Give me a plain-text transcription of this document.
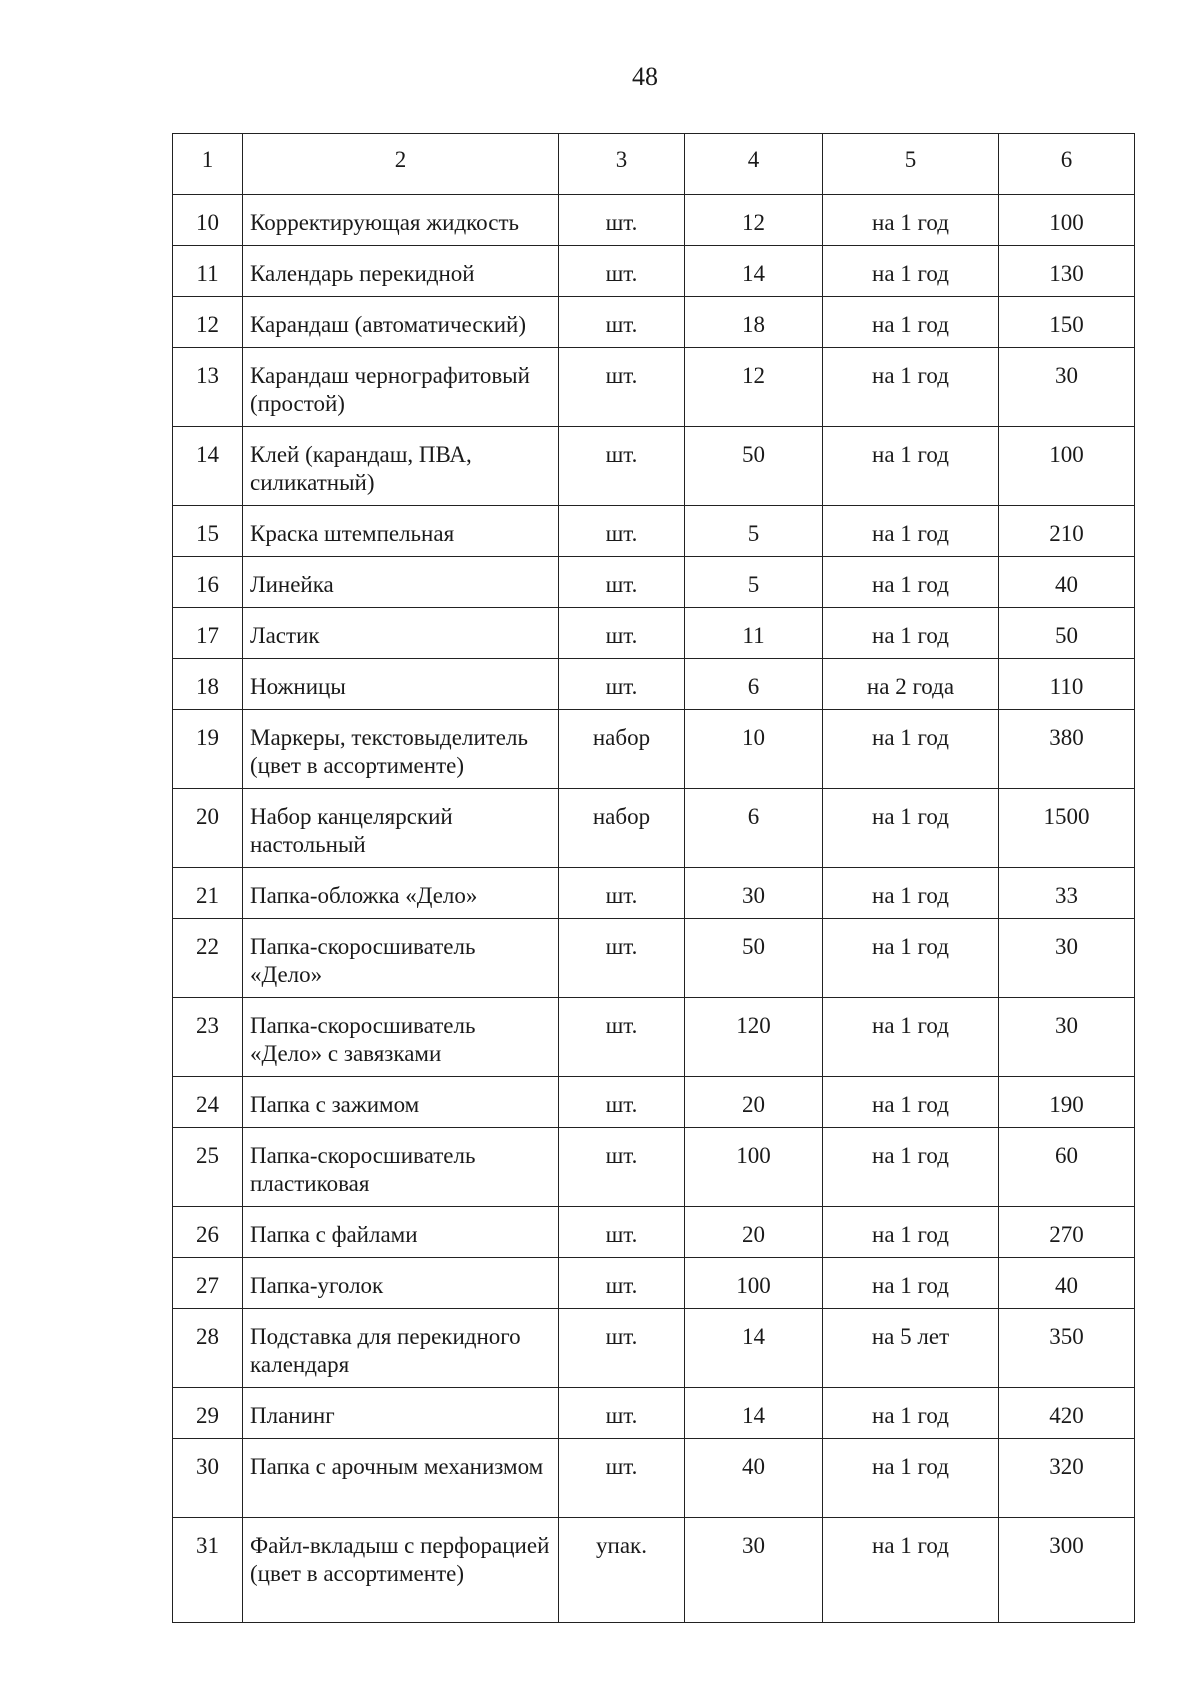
48
1	2	3	4	5	6
10	Корректирующая жидкость	шт.	12	на 1 год	100
11	Календарь перекидной	шт.	14	на 1 год	130
12	Карандаш (автоматический)	шт.	18	на 1 год	150
13	Карандаш чернографитовый (простой)	шт.	12	на 1 год	30
14	Клей (карандаш, ПВА, силикатный)	шт.	50	на 1 год	100
15	Краска штемпельная	шт.	5	на 1 год	210
16	Линейка	шт.	5	на 1 год	40
17	Ластик	шт.	11	на 1 год	50
18	Ножницы	шт.	6	на 2 года	110
19	Маркеры, текстовыделитель (цвет в ассортименте)	набор	10	на 1 год	380
20	Набор канцелярский настольный	набор	6	на 1 год	1500
21	Папка-обложка «Дело»	шт.	30	на 1 год	33
22	Папка-скоросшиватель «Дело»	шт.	50	на 1 год	30
23	Папка-скоросшиватель «Дело» с завязками	шт.	120	на 1 год	30
24	Папка с зажимом	шт.	20	на 1 год	190
25	Папка-скоросшиватель пластиковая	шт.	100	на 1 год	60
26	Папка с файлами	шт.	20	на 1 год	270
27	Папка-уголок	шт.	100	на 1 год	40
28	Подставка для перекидного календаря	шт.	14	на 5 лет	350
29	Планинг	шт.	14	на 1 год	420
30	Папка с арочным механизмом	шт.	40	на 1 год	320
31	Файл-вкладыш с перфорацией (цвет в ассортименте)	упак.	30	на 1 год	300
